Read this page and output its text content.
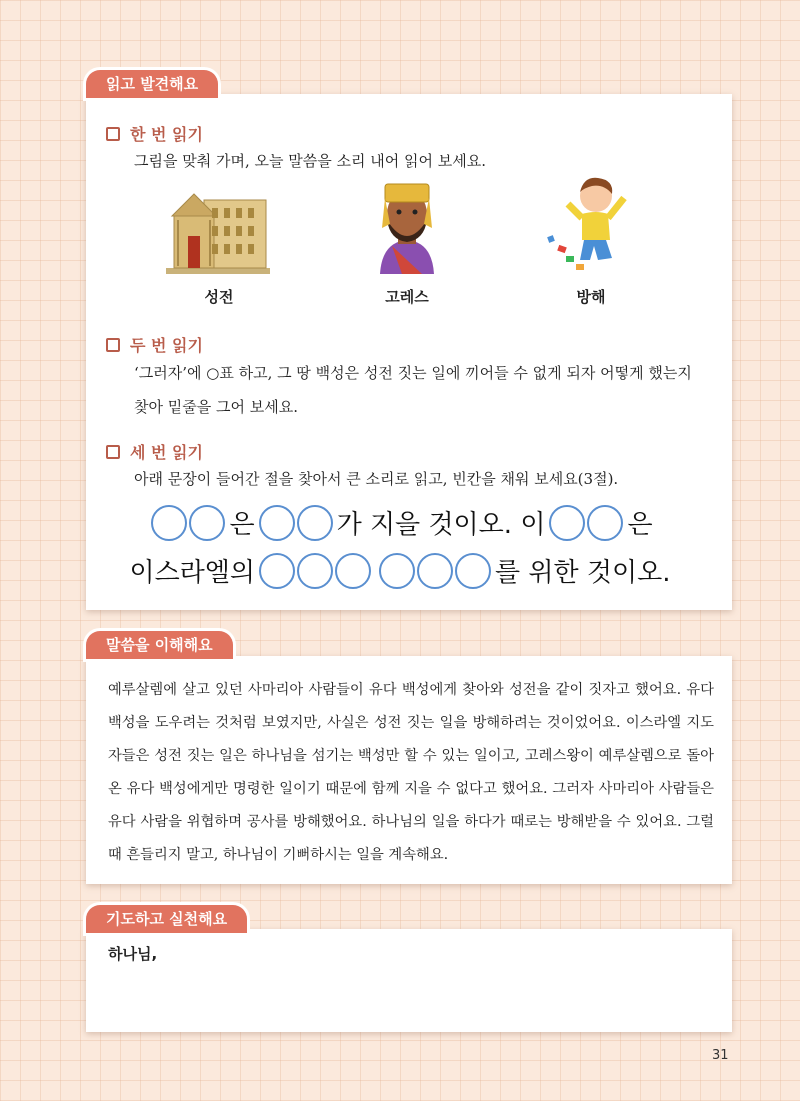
읽고 발견해요
한 번 읽기
그림을 맞춰 가며, 오늘 말씀을 소리 내어 읽어 보세요.
성전	고레스	방해
두 번 읽기
‘그러자’에 ○표 하고, 그 땅 백성은 성전 짓는 일에 끼어들 수 없게 되자 어떻게 했는지
찾아 밑줄을 그어 보세요.
세 번 읽기
아래 문장이 들어간 절을 찾아서 큰 소리로 읽고, 빈칸을 채워 보세요(3절).
은	가 지을 것이오. 이	은
이스라엘의	를 위한 것이오.
말씀을 이해해요
예루살렘에 살고 있던 사마리아 사람들이 유다 백성에게 찾아와 성전을 같이 짓자고 했어요. 유다 백성을 도우려는 것처럼 보였지만, 사실은 성전 짓는 일을 방해하려는 것이었어요. 이스라엘 지도자들은 성전 짓는 일은 하나님을 섬기는 백성만 할 수 있는 일이고, 고레스왕이 예루살렘으로 돌아온 유다 백성에게만 명령한 일이기 때문에 함께 지을 수 없다고 했어요. 그러자 사마리아 사람들은 유다 사람을 위협하며 공사를 방해했어요. 하나님의 일을 하다가 때로는 방해받을 수 있어요. 그럴 때 흔들리지 말고, 하나님이 기뻐하시는 일을 계속해요.
기도하고 실천해요
하나님,
31
